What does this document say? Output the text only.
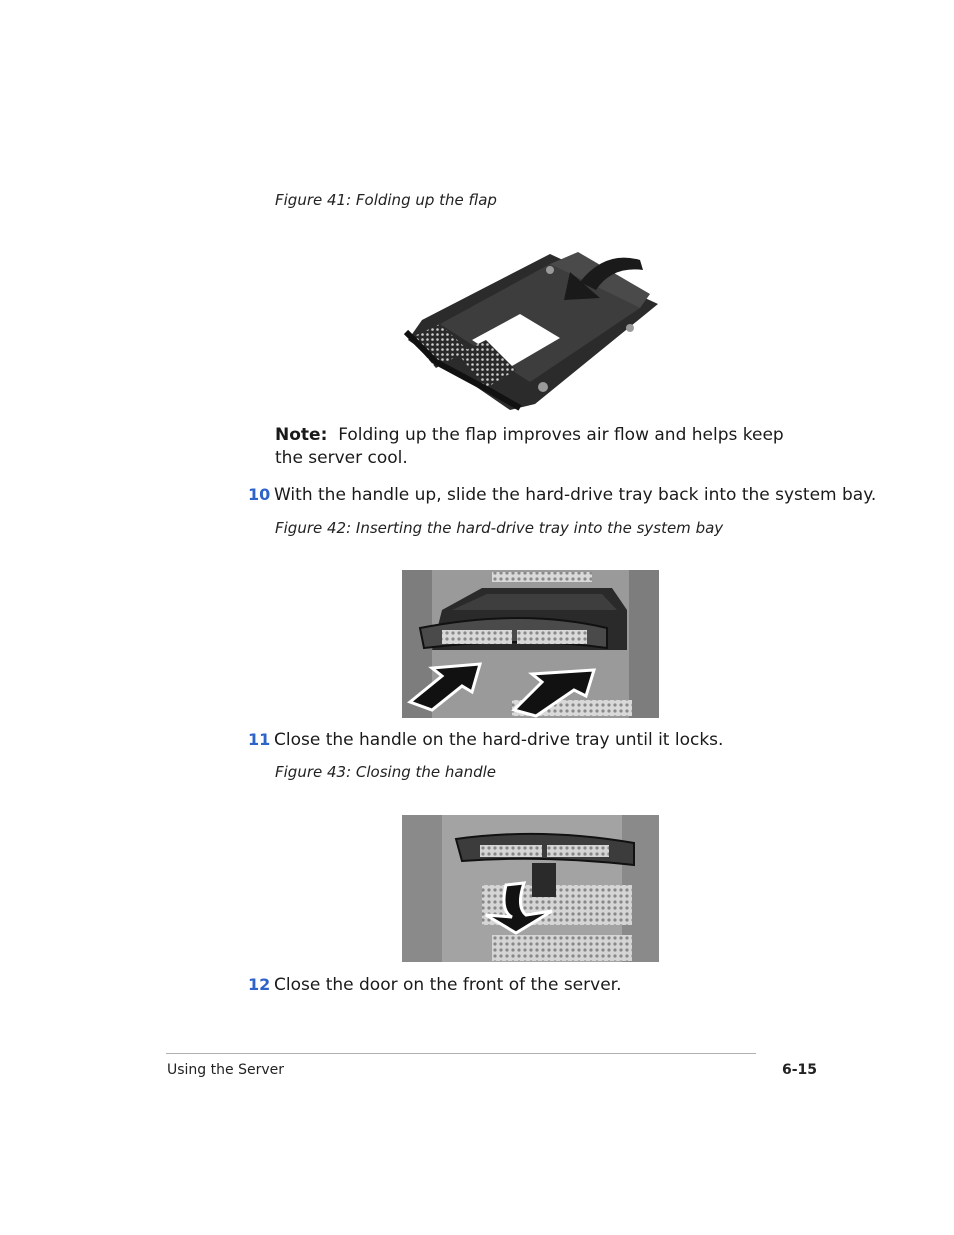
Figure 41: Folding up the flap
Note: Folding up the flap improves air flow and helps keep the server cool.
10 With the handle up, slide the hard-drive tray back into the system bay.
Figure 42: Inserting the hard-drive tray into the system bay
11 Close the handle on the hard-drive tray until it locks.
Figure 43: Closing the handle
12 Close the door on the front of the server.
Using the Server	6-15
